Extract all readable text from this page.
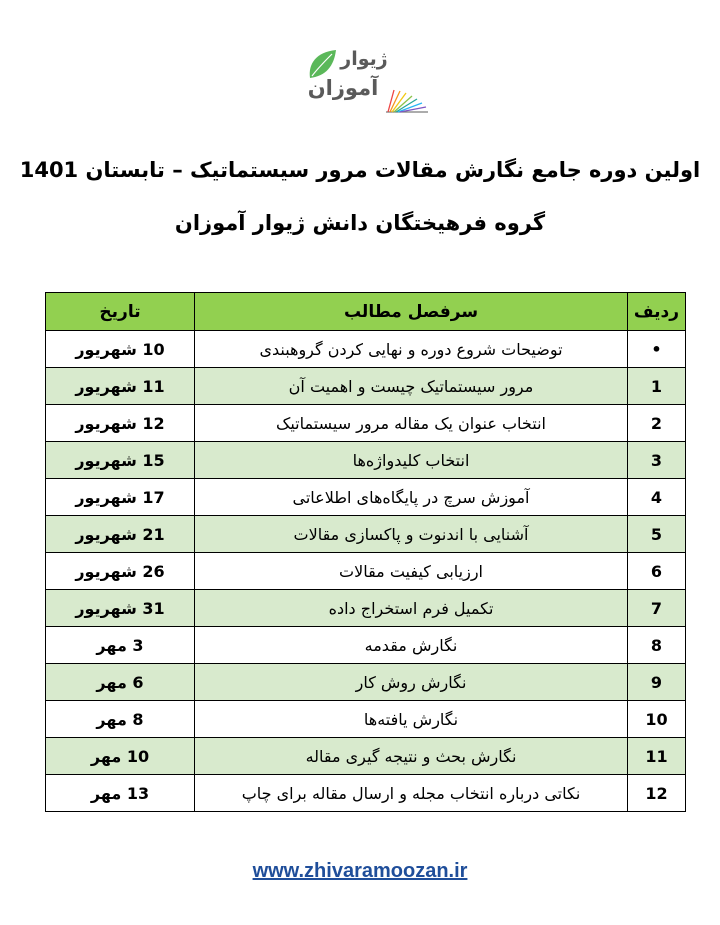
ژیوار
آموزان
اولین دوره جامع نگارش مقالات مرور سیستماتیک – تابستان 1401
گروه فرهیختگان دانش ژیوار آموزان
ردیف	سرفصل مطالب	تاریخ
•	توضیحات شروع دوره و نهایی کردن گروهبندی	10 شهریور
1	مرور سیستماتیک چیست و اهمیت آن	11 شهریور
2	انتخاب عنوان یک مقاله مرور سیستماتیک	12 شهریور
3	انتخاب کلیدواژه‌ها	15 شهریور
4	آموزش سرچ در پایگاه‌های اطلاعاتی	17 شهریور
5	آشنایی با اندنوت و پاکسازی مقالات	21 شهریور
6	ارزیابی کیفیت مقالات	26 شهریور
7	تکمیل فرم استخراج داده	31 شهریور
8	نگارش مقدمه	3 مهر
9	نگارش روش کار	6 مهر
10	نگارش یافته‌ها	8 مهر
11	نگارش بحث و نتیجه گیری مقاله	10 مهر
12	نکاتی درباره انتخاب مجله و ارسال مقاله برای چاپ	13 مهر
www.zhivaramoozan.ir
